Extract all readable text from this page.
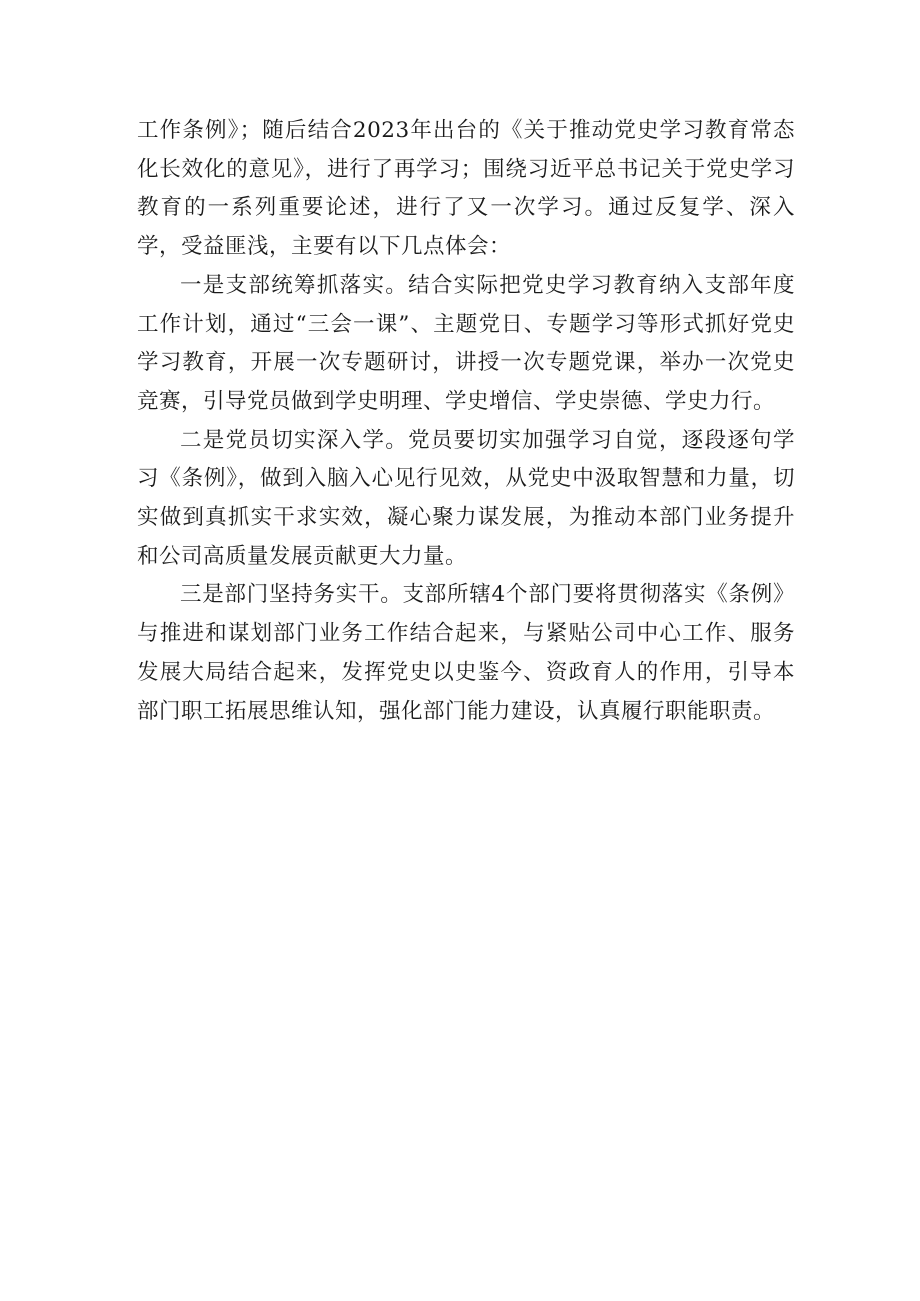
工作条例》；随后结合2023年出台的《关于推动党史学习教育常态化长效化的意见》，进行了再学习；围绕习近平总书记关于党史学习教育的一系列重要论述，进行了又一次学习。通过反复学、深入学，受益匪浅，主要有以下几点体会：

一是支部统筹抓落实。结合实际把党史学习教育纳入支部年度工作计划，通过“三会一课”、主题党日、专题学习等形式抓好党史学习教育，开展一次专题研讨，讲授一次专题党课，举办一次党史竞赛，引导党员做到学史明理、学史增信、学史崇德、学史力行。

二是党员切实深入学。党员要切实加强学习自觉，逐段逐句学习《条例》，做到入脑入心见行见效，从党史中汲取智慧和力量，切实做到真抓实干求实效，凝心聚力谋发展，为推动本部门业务提升和公司高质量发展贡献更大力量。

三是部门坚持务实干。支部所辖4个部门要将贯彻落实《条例》与推进和谋划部门业务工作结合起来，与紧贴公司中心工作、服务发展大局结合起来，发挥党史以史鉴今、资政育人的作用，引导本部门职工拓展思维认知，强化部门能力建设，认真履行职能职责。
